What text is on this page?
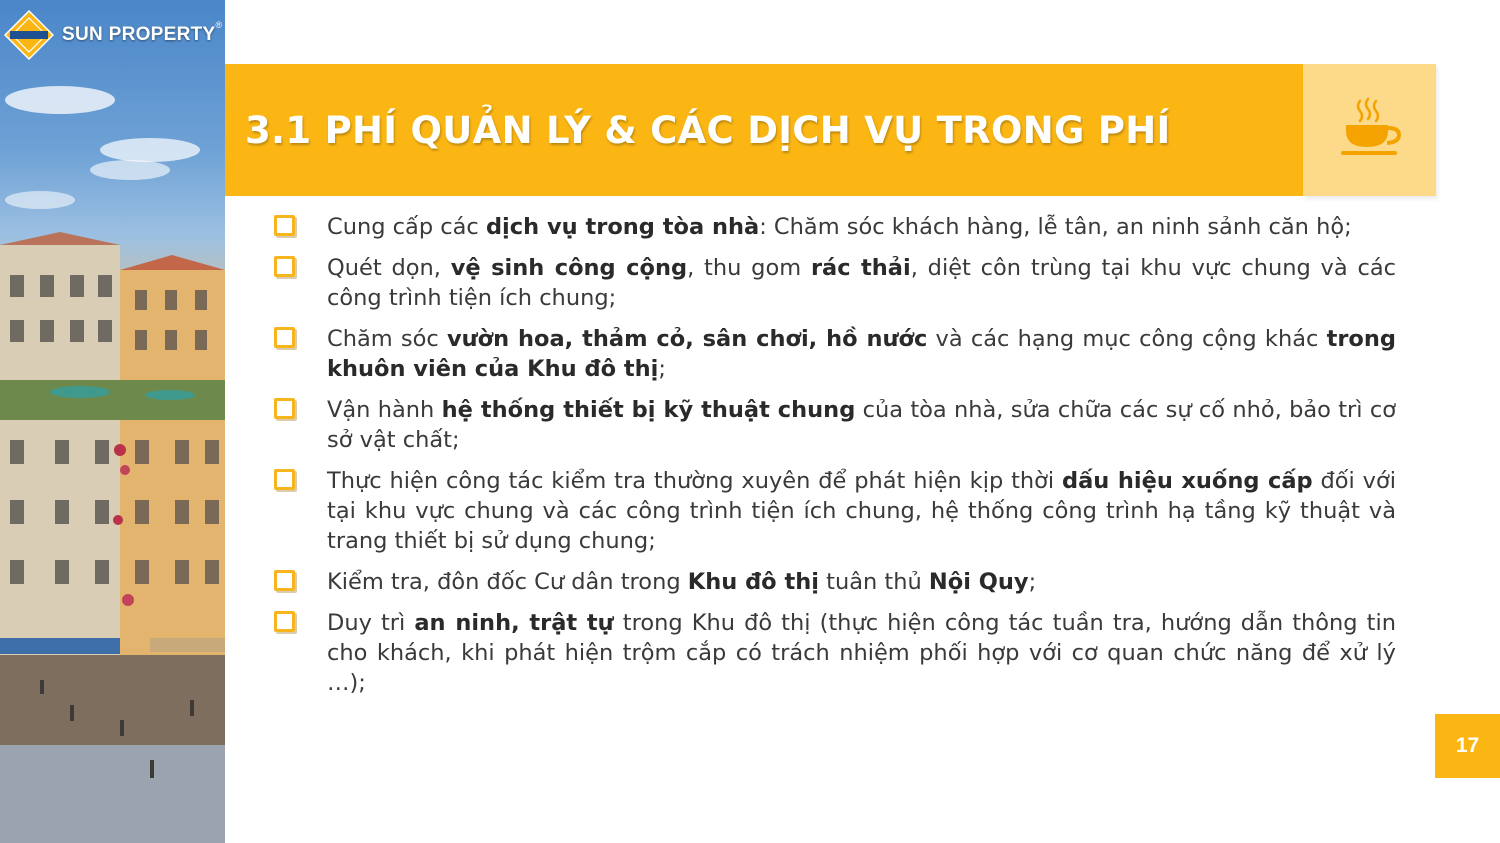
SUN PROPERTY ®
3.1 PHÍ QUẢN LÝ & CÁC DỊCH VỤ TRONG PHÍ

Cung cấp các dịch vụ trong tòa nhà: Chăm sóc khách hàng, lễ tân, an ninh sảnh căn hộ;

Quét dọn, vệ sinh công cộng, thu gom rác thải, diệt côn trùng tại khu vực chung và các công trình tiện ích chung;

Chăm sóc vườn hoa, thảm cỏ, sân chơi, hồ nước và các hạng mục công cộng khác trong khuôn viên của Khu đô thị;

Vận hành hệ thống thiết bị kỹ thuật chung của tòa nhà, sửa chữa các sự cố nhỏ, bảo trì cơ sở vật chất;

Thực hiện công tác kiểm tra thường xuyên để phát hiện kịp thời dấu hiệu xuống cấp đối với tại khu vực chung và các công trình tiện ích chung, hệ thống công trình hạ tầng kỹ thuật và trang thiết bị sử dụng chung;

Kiểm tra, đôn đốc Cư dân trong Khu đô thị tuân thủ Nội Quy;

Duy trì an ninh, trật tự trong Khu đô thị (thực hiện công tác tuần tra, hướng dẫn thông tin cho khách, khi phát hiện trộm cắp có trách nhiệm phối hợp với cơ quan chức năng để xử lý …);

17
